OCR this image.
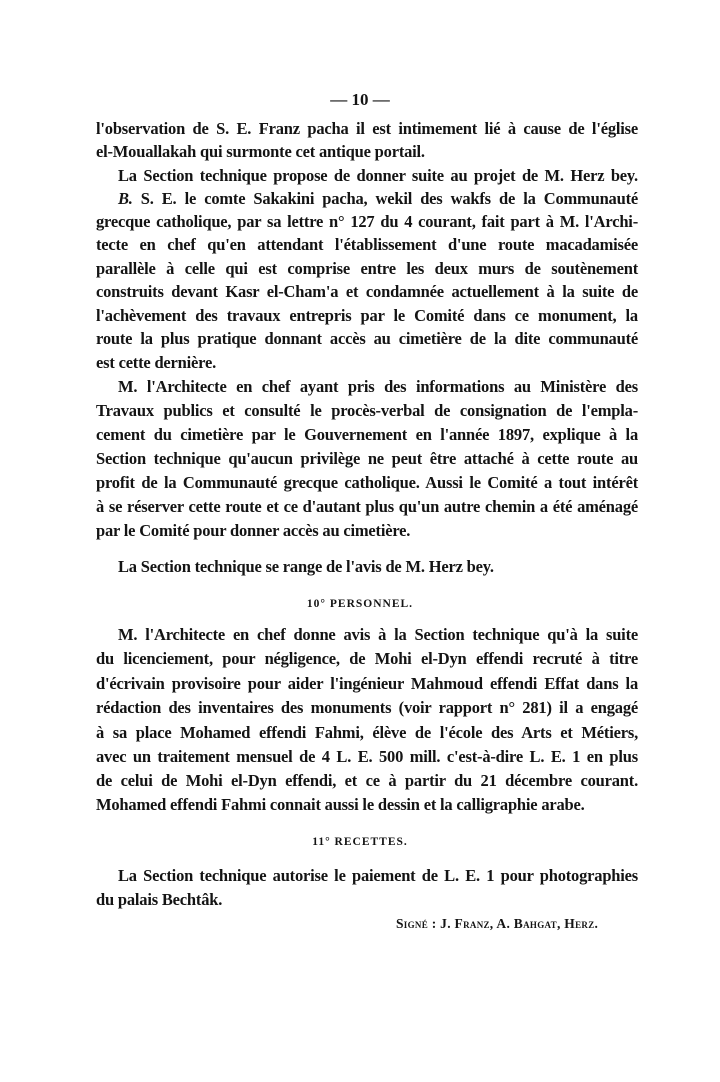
— 10 —
l'observation de S. E. Franz pacha il est intimement lié à cause de l'église
el-Mouallakah qui surmonte cet antique portail.
La Section technique propose de donner suite au projet de M. Herz bey.
B. S. E. le comte Sakakini pacha, wekil des wakfs de la Communauté
grecque catholique, par sa lettre n° 127 du 4 courant, fait part à M. l'Archi-
tecte en chef qu'en attendant l'établissement d'une route macadamisée
parallèle à celle qui est comprise entre les deux murs de soutènement
construits devant Kasr el-Cham'a et condamnée actuellement à la suite de
l'achèvement des travaux entrepris par le Comité dans ce monument, la
route la plus pratique donnant accès au cimetière de la dite communauté
est cette dernière.
M. l'Architecte en chef ayant pris des informations au Ministère des
Travaux publics et consulté le procès-verbal de consignation de l'empla-
cement du cimetière par le Gouvernement en l'année 1897, explique à la
Section technique qu'aucun privilège ne peut être attaché à cette route au
profit de la Communauté grecque catholique. Aussi le Comité a tout intérêt
à se réserver cette route et ce d'autant plus qu'un autre chemin a été aménagé
par le Comité pour donner accès au cimetière.
La Section technique se range de l'avis de M. Herz bey.
10° PERSONNEL.
M. l'Architecte en chef donne avis à la Section technique qu'à la suite
du licenciement, pour négligence, de Mohi el-Dyn effendi recruté à titre
d'écrivain provisoire pour aider l'ingénieur Mahmoud effendi Effat dans la
rédaction des inventaires des monuments (voir rapport n° 281) il a engagé
à sa place Mohamed effendi Fahmi, élève de l'école des Arts et Métiers,
avec un traitement mensuel de 4 L. E. 500 mill. c'est-à-dire L. E. 1 en plus
de celui de Mohi el-Dyn effendi, et ce à partir du 21 décembre courant.
Mohamed effendi Fahmi connait aussi le dessin et la calligraphie arabe.
11° RECETTES.
La Section technique autorise le paiement de L. E. 1 pour photographies
du palais Bechtâk.
Signé : J. Franz, A. Bahgat, Herz.
